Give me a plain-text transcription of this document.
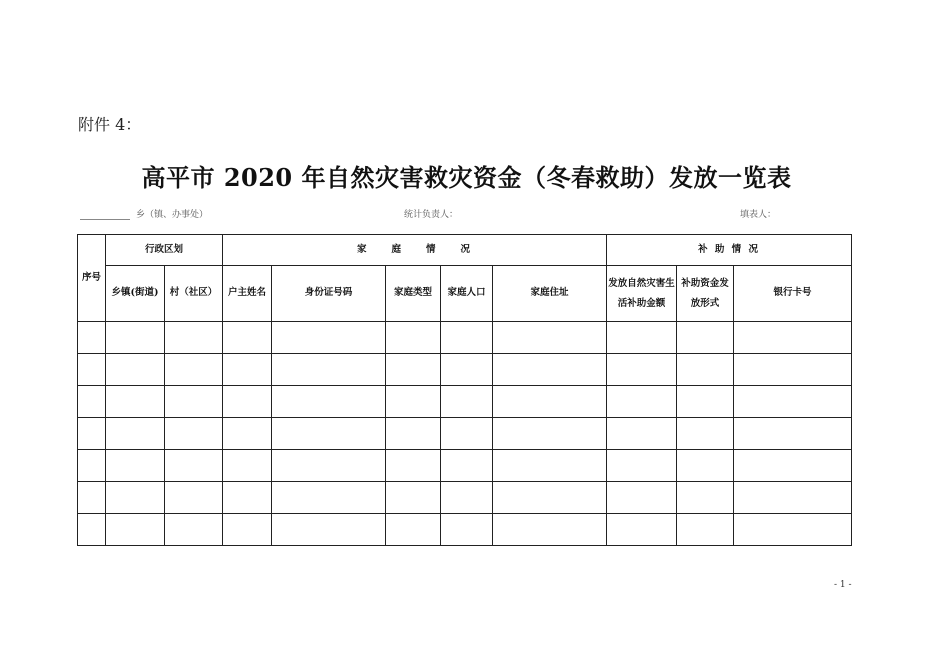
附件 4：
高平市 2020 年自然灾害救灾资金（冬春救助）发放一览表
乡（镇、办事处）	统计负责人：	填表人：
序号	行政区划		家　　庭　　情　　况					补 助 情 况		
	乡镇(街道)	村（社区）	户主姓名	身份证号码	家庭类型	家庭人口	家庭住址	发放自然灾害生活补助金额	补助资金发放形式	银行卡号

- 1 -
